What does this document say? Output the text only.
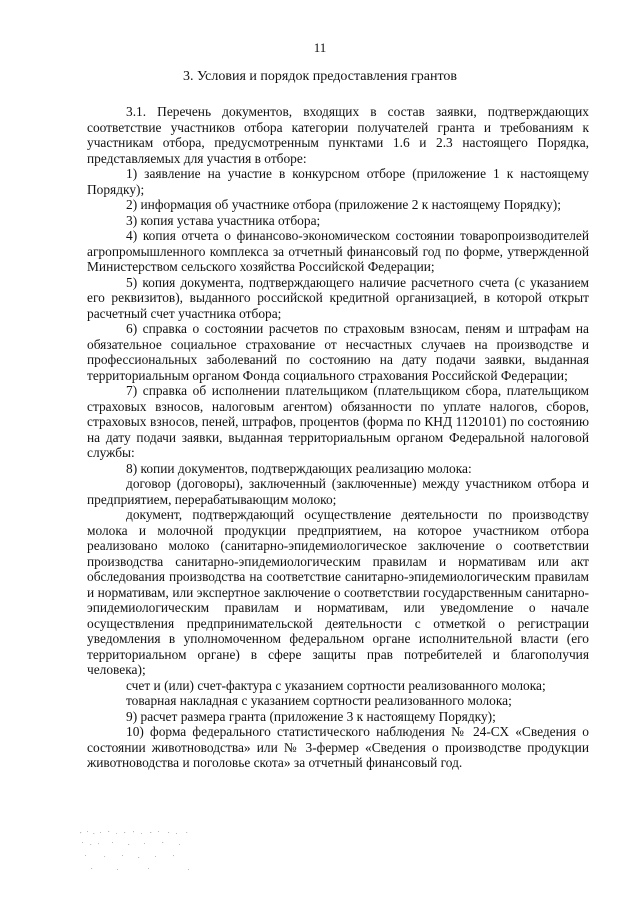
11
3. Условия и порядок предоставления грантов

3.1. Перечень документов, входящих в состав заявки, подтверждающих соответствие участников отбора категории получателей гранта и требованиям к участникам отбора, предусмотренным пунктами 1.6 и 2.3 настоящего Порядка, представляемых для участия в отборе:

1) заявление на участие в конкурсном отборе (приложение 1 к настоящему Порядку);

2) информация об участнике отбора (приложение 2 к настоящему Порядку);

3) копия устава участника отбора;

4) копия отчета о финансово-экономическом состоянии товаропроизводителей агропромышленного комплекса за отчетный финансовый год по форме, утвержденной Министерством сельского хозяйства Российской Федерации;

5) копия документа, подтверждающего наличие расчетного счета (с указанием его реквизитов), выданного российской кредитной организацией, в которой открыт расчетный счет участника отбора;

6) справка о состоянии расчетов по страховым взносам, пеням и штрафам на обязательное социальное страхование от несчастных случаев на производстве и профессиональных заболеваний по состоянию на дату подачи заявки, выданная территориальным органом Фонда социального страхования Российской Федерации;

7) справка об исполнении плательщиком (плательщиком сбора, плательщиком страховых взносов, налоговым агентом) обязанности по уплате налогов, сборов, страховых взносов, пеней, штрафов, процентов (форма по КНД 1120101) по состоянию на дату подачи заявки, выданная территориальным органом Федеральной налоговой службы:

8) копии документов, подтверждающих реализацию молока:

договор (договоры), заключенный (заключенные) между участником отбора и предприятием, перерабатывающим молоко;

документ, подтверждающий осуществление деятельности по производству молока и молочной продукции предприятием, на которое участником отбора реализовано молоко (санитарно-эпидемиологическое заключение о соответствии производства санитарно-эпидемиологическим правилам и нормативам или акт обследования производства на соответствие санитарно-эпидемиологическим правилам и нормативам, или экспертное заключение о соответствии государственным санитарно-эпидемиологическим правилам и нормативам, или уведомление о начале осуществления предпринимательской деятельности с отметкой о регистрации уведомления в уполномоченном федеральном органе исполнительной власти (его территориальном органе) в сфере защиты прав потребителей и благополучия человека);

счет и (или) счет-фактура с указанием сортности реализованного молока;

товарная накладная с указанием сортности реализованного молока;

9) расчет размера гранта (приложение 3 к настоящему Порядку);

10) форма федерального статистического наблюдения № 24-СХ «Сведения о состоянии животноводства» или № 3-фермер «Сведения о производстве продукции животноводства и поголовье скота» за отчетный финансовый год.
